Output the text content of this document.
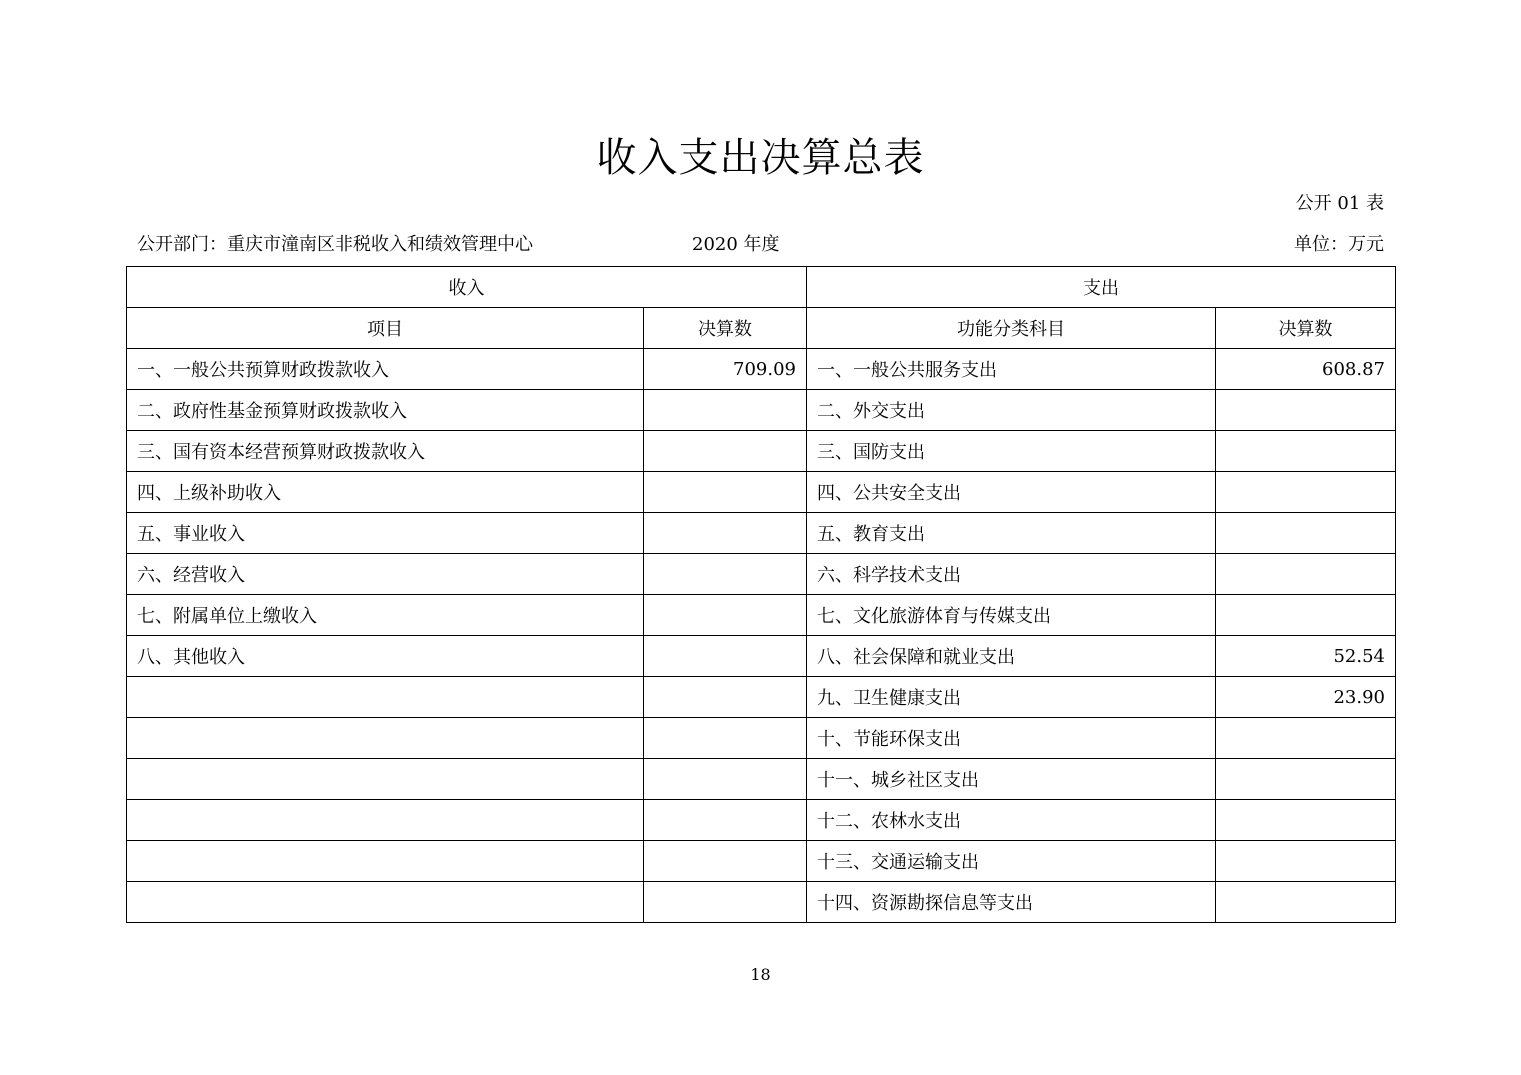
收入支出决算总表
公开 01 表
公开部门：重庆市潼南区非税收入和绩效管理中心	2020 年度	单位：万元
收入		支出	
项目	决算数	功能分类科目	决算数
一、一般公共预算财政拨款收入	709.09	一、一般公共服务支出	608.87
二、政府性基金预算财政拨款收入		二、外交支出	
三、国有资本经营预算财政拨款收入		三、国防支出	
四、上级补助收入		四、公共安全支出	
五、事业收入		五、教育支出	
六、经营收入		六、科学技术支出	
七、附属单位上缴收入		七、文化旅游体育与传媒支出	
八、其他收入		八、社会保障和就业支出	52.54
		九、卫生健康支出	23.90
		十、节能环保支出	
		十一、城乡社区支出	
		十二、农林水支出	
		十三、交通运输支出	
		十四、资源勘探信息等支出	
18
